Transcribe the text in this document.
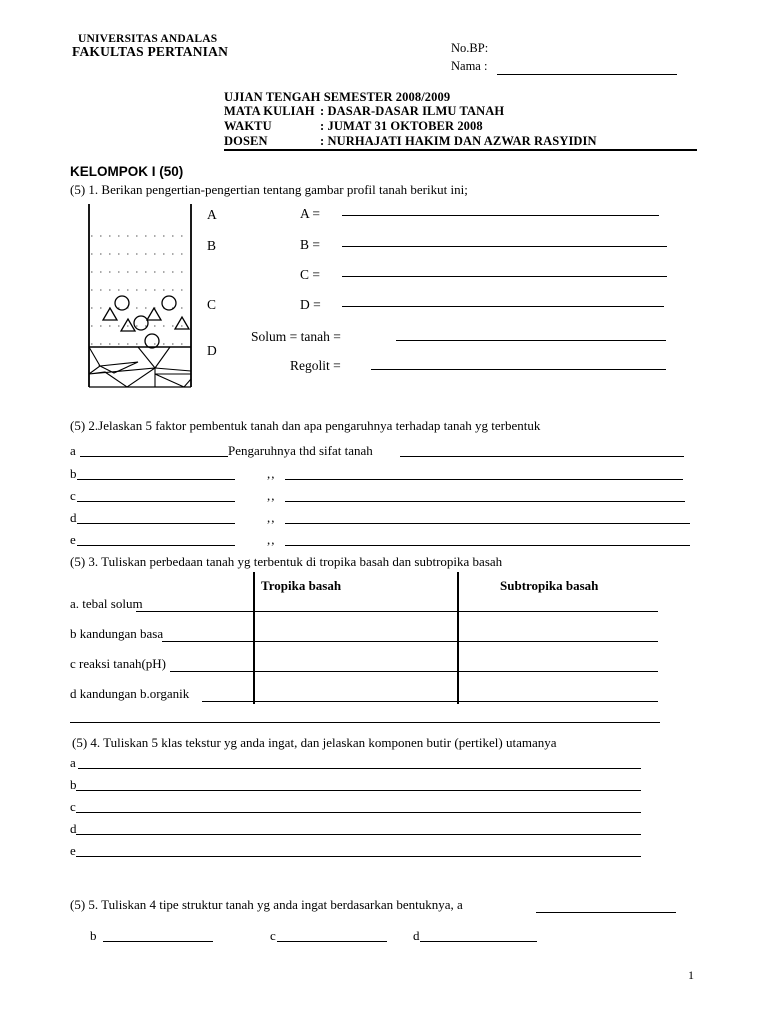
UNIVERSITAS ANDALAS
FAKULTAS PERTANIAN	No.BP:
Nama :
UJIAN TENGAH SEMESTER 2008/2009
MATA KULIAH : DASAR-DASAR ILMU TANAH
WAKTU	: JUMAT 31 OKTOBER 2008
DOSEN	: NURHAJATI HAKIM DAN AZWAR RASYIDIN
KELOMPOK I (50)
(5) 1. Berikan pengertian-pengertian tentang gambar profil tanah berikut ini;
A
B
C
D
A =
B =
C =
D =
Solum = tanah =
Regolit =
(5) 2.Jelaskan 5 faktor pembentuk tanah dan apa pengaruhnya terhadap tanah yg terbentuk
a	Pengaruhnya thd sifat tanah
b	,,
c	,,
d	,,
e	,,
(5) 3. Tuliskan perbedaan tanah yg terbentuk di tropika basah dan subtropika basah
Tropika basah	Subtropika basah
a. tebal solum
b kandungan basa
c reaksi tanah(pH)
d kandungan b.organik
(5) 4. Tuliskan 5 klas tekstur yg anda ingat, dan jelaskan komponen butir (pertikel) utamanya
a
b
c
d
e
(5) 5. Tuliskan 4 tipe struktur tanah yg anda ingat berdasarkan bentuknya, a
b	c	d
1
